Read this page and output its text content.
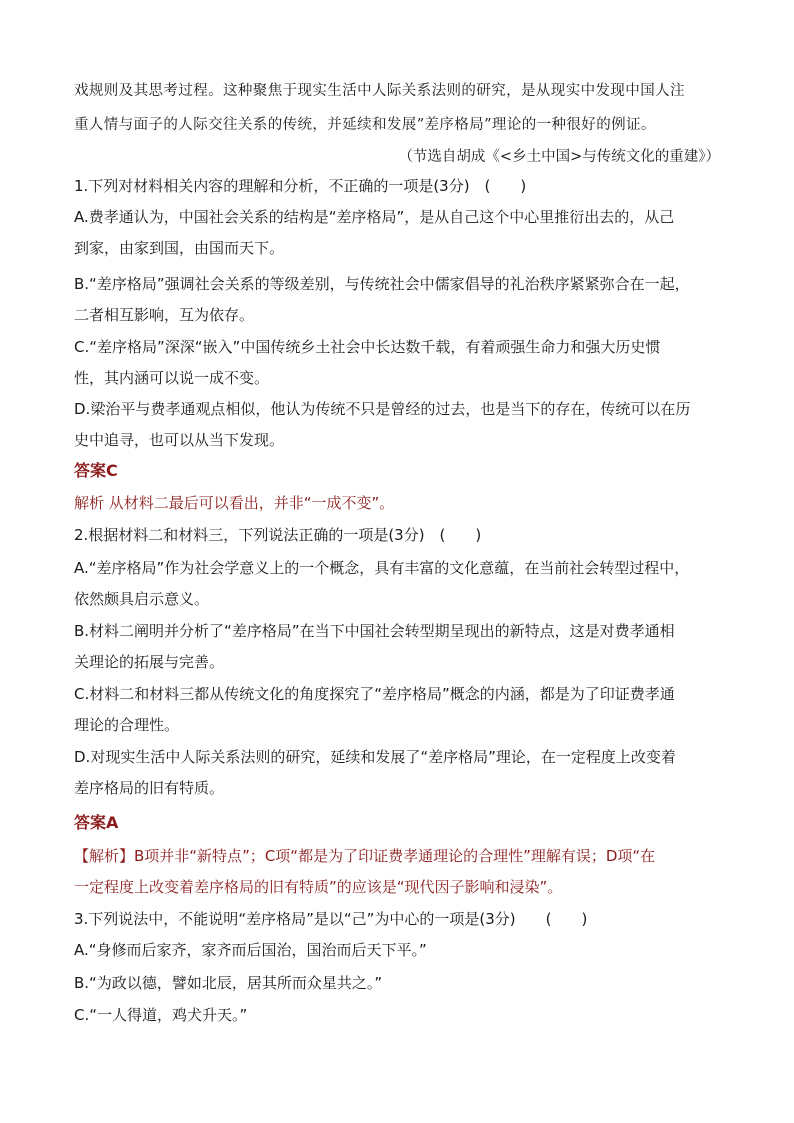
戏规则及其思考过程。这种聚焦于现实生活中人际关系法则的研究，是从现实中发现中国人注
重人情与面子的人际交往关系的传统，并延续和发展”差序格局”理论的一种很好的例证。
（节选自胡成《<乡土中国>与传统文化的重建》）
1.下列对材料相关内容的理解和分析，不正确的一项是(3分)　(　　)
A.费孝通认为，中国社会关系的结构是“差序格局”，是从自己这个中心里推衍出去的，从己
到家，由家到国，由国而天下。
B.“差序格局”强调社会关系的等级差别，与传统社会中儒家倡导的礼治秩序紧紧弥合在一起，
二者相互影响，互为依存。
C.“差序格局”深深“嵌入”中国传统乡土社会中长达数千载，有着顽强生命力和强大历史惯
性，其内涵可以说一成不变。
D.梁治平与费孝通观点相似，他认为传统不只是曾经的过去，也是当下的存在，传统可以在历
史中追寻，也可以从当下发现。
答案C
解析 从材料二最后可以看出，并非“一成不变”。
2.根据材料二和材料三，下列说法正确的一项是(3分)　(　　)
A.“差序格局”作为社会学意义上的一个概念，具有丰富的文化意蕴，在当前社会转型过程中，
依然颇具启示意义。
B.材料二阐明并分析了“差序格局”在当下中国社会转型期呈现出的新特点，这是对费孝通相
关理论的拓展与完善。
C.材料二和材料三都从传统文化的角度探究了“差序格局”概念的内涵，都是为了印证费孝通
理论的合理性。
D.对现实生活中人际关系法则的研究，延续和发展了“差序格局”理论，在一定程度上改变着
差序格局的旧有特质。
答案A
【解析】B项并非“新特点”；C项“都是为了印证费孝通理论的合理性”理解有误；D项“在
一定程度上改变着差序格局的旧有特质”的应该是“现代因子影响和浸染”。
3.下列说法中，不能说明“差序格局”是以“己”为中心的一项是(3分)　　(　　)
A.“身修而后家齐，家齐而后国治，国治而后天下平。”
B.“为政以德，譬如北辰，居其所而众星共之。”
C.“一人得道，鸡犬升天。”
